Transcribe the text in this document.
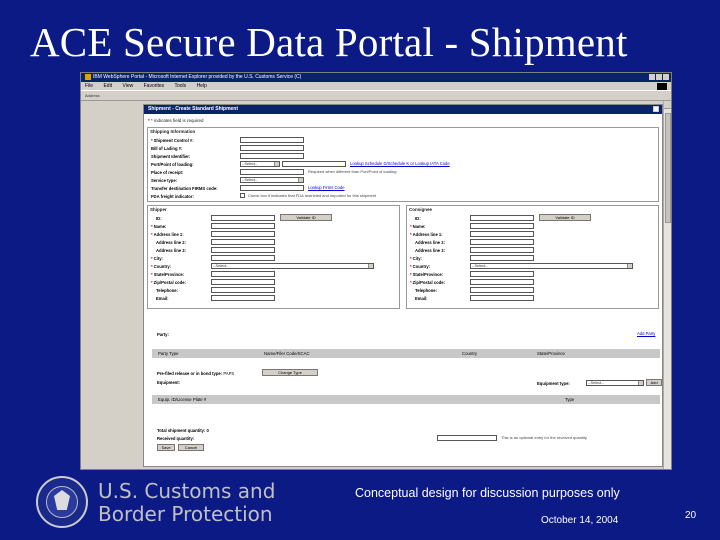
ACE Secure Data Portal - Shipment
IBM WebSphere Portal - Microsoft Internet Explorer provided by the U.S. Customs Service (C)
File Edit View Favorites Tools Help
Address
Shipment - Create Standard Shipment
* * indicates field is required
Shipping Information
* Shipment Control #:
Bill of Lading #:
Shipment Identifier:
Port/Point of loading:	--Select--	Lookup Schedule D/Schedule K or Lookup IATA Code
Place of receipt:	Required when different than Port/Point of loading
Service type:	--Select--
Transfer destination FIRMS code:	Lookup Firms Code
FDA freight indicator:	Check box if indicates that FDA restricted and imported for this shipment
Shipper
ID:	Validate ID
* Name:
* Address line 1:
Address line 2:
Address line 3:
* City:
* Country:	--Select--
* State/Province:
* Zip/Postal code:
Telephone:
Email:
Consignee
ID:	Validate ID
* Name:
* Address line 1:
Address line 2:
Address line 3:
* City:
* Country:	--Select--
* State/Province:
* Zip/Postal code:
Telephone:
Email:
Party:	Add Party
Party Type	Name/Filer Code/SCAC	Country	State/Province
Pre-filed release or in bond type:
PAPS	Change Type
Equipment:	Equipment type:	--Select--	Add
Equip. ID/License Plate #	Type
Total shipment quantity: 0
Received quantity:	This is an optional entry for the received quantity
Save	Cancel
U.S. Customs and
Border Protection
Conceptual design for discussion purposes only
October 14, 2004	20
